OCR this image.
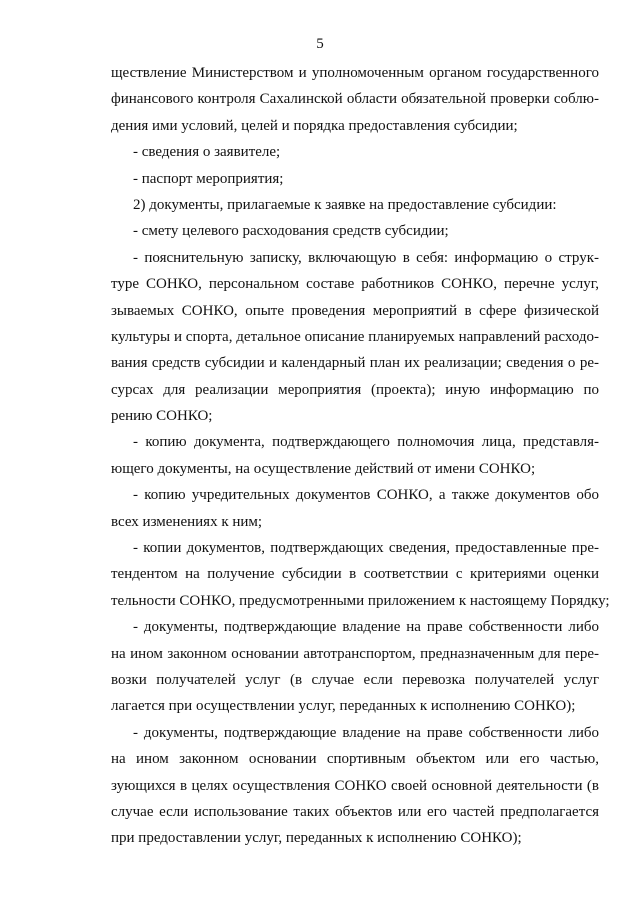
5
ществление Министерством и уполномоченным органом государственного
финансового контроля Сахалинской области обязательной проверки соблю-
дения ими условий, целей и порядка предоставления субсидии;
- сведения о заявителе;
- паспорт мероприятия;
2) документы, прилагаемые к заявке на предоставление субсидии:
- смету целевого расходования средств субсидии;
- пояснительную записку, включающую в себя: информацию о струк-
туре СОНКО, персональном составе работников СОНКО, перечне услуг,
зываемых СОНКО, опыте проведения мероприятий в сфере физической
культуры и спорта, детальное описание планируемых направлений расходо-
вания средств субсидии и календарный план их реализации; сведения о ре-
сурсах для реализации мероприятия (проекта); иную информацию по
рению СОНКО;
- копию документа, подтверждающего полномочия лица, представля-
ющего документы, на осуществление действий от имени СОНКО;
- копию учредительных документов СОНКО, а также документов обо
всех изменениях к ним;
- копии документов, подтверждающих сведения, предоставленные пре-
тендентом на получение субсидии в соответствии с критериями оценки
тельности СОНКО, предусмотренными приложением к настоящему Порядку;
- документы, подтверждающие владение на праве собственности либо
на ином законном основании автотранспортом, предназначенным для пере-
возки получателей услуг (в случае если перевозка получателей услуг
лагается при осуществлении услуг, переданных к исполнению СОНКО);
- документы, подтверждающие владение на праве собственности либо
на ином законном основании спортивным объектом или его частью,
зующихся в целях осуществления СОНКО своей основной деятельности (в
случае если использование таких объектов или его частей предполагается
при предоставлении услуг, переданных к исполнению СОНКО);
